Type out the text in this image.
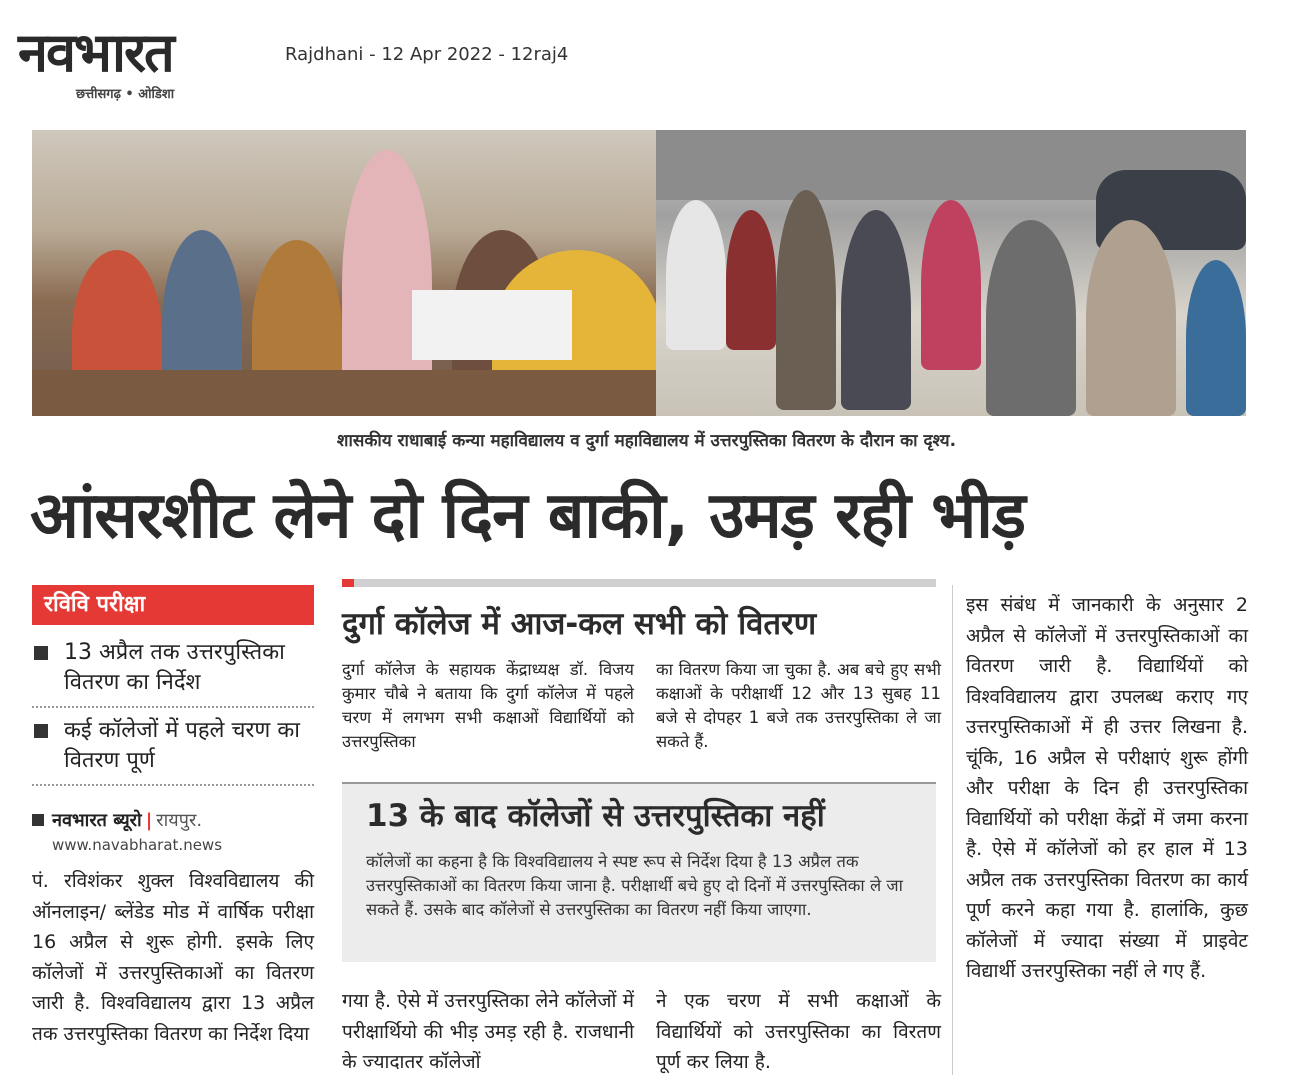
नवभारत
छत्तीसगढ़ • ओडिशा
Rajdhani - 12 Apr 2022 - 12raj4
शासकीय राधाबाई कन्या महाविद्यालय व दुर्गा महाविद्यालय में उत्तरपुस्तिका वितरण के दौरान का दृश्य.
आंसरशीट लेने दो दिन बाकी, उमड़ रही भीड़
रविवि परीक्षा
13 अप्रैल तक उत्तरपुस्तिका वितरण का निर्देश
कई कॉलेजों में पहले चरण का वितरण पूर्ण
नवभारत ब्यूरो | रायपुर.
www.navabharat.news
पं. रविशंकर शुक्ल विश्वविद्यालय की ऑनलाइन/ ब्लेंडेड मोड में वार्षिक परीक्षा 16 अप्रैल से शुरू होगी. इसके लिए कॉलेजों में उत्तरपुस्तिकाओं का वितरण जारी है. विश्वविद्यालय द्वारा 13 अप्रैल तक उत्तरपुस्तिका वितरण का निर्देश दिया
दुर्गा कॉलेज में आज-कल सभी को वितरण
दुर्गा कॉलेज के सहायक केंद्राध्यक्ष डॉ. विजय कुमार चौबे ने बताया कि दुर्गा कॉलेज में पहले चरण में लगभग सभी कक्षाओं विद्यार्थियों को उत्तरपुस्तिका
का वितरण किया जा चुका है. अब बचे हुए सभी कक्षाओं के परीक्षार्थी 12 और 13 सुबह 11 बजे से दोपहर 1 बजे तक उत्तरपुस्तिका ले जा सकते हैं.
13 के बाद कॉलेजों से उत्तरपुस्तिका नहीं
कॉलेजों का कहना है कि विश्वविद्यालय ने स्पष्ट रूप से निर्देश दिया है 13 अप्रैल तक उत्तरपुस्तिकाओं का वितरण किया जाना है. परीक्षार्थी बचे हुए दो दिनों में उत्तरपुस्तिका ले जा सकते हैं. उसके बाद कॉलेजों से उत्तरपुस्तिका का वितरण नहीं किया जाएगा.
गया है. ऐसे में उत्तरपुस्तिका लेने कॉलेजों में परीक्षार्थियो की भीड़ उमड़ रही है. राजधानी के ज्यादातर कॉलेजों
ने एक चरण में सभी कक्षाओं के विद्यार्थियों को उत्तरपुस्तिका का विरतण पूर्ण कर लिया है.
इस संबंध में जानकारी के अनुसार 2 अप्रैल से कॉलेजों में उत्तरपुस्तिकाओं का वितरण जारी है. विद्यार्थियों को विश्वविद्यालय द्वारा उपलब्ध कराए गए उत्तरपुस्तिकाओं में ही उत्तर लिखना है. चूंकि, 16 अप्रैल से परीक्षाएं शुरू होंगी और परीक्षा के दिन ही उत्तरपुस्तिका विद्यार्थियों को परीक्षा केंद्रों में जमा करना है. ऐसे में कॉलेजों को हर हाल में 13 अप्रैल तक उत्तरपुस्तिका वितरण का कार्य पूर्ण करने कहा गया है. हालांकि, कुछ कॉलेजों में ज्यादा संख्या में प्राइवेट विद्यार्थी उत्तरपुस्तिका नहीं ले गए हैं.
